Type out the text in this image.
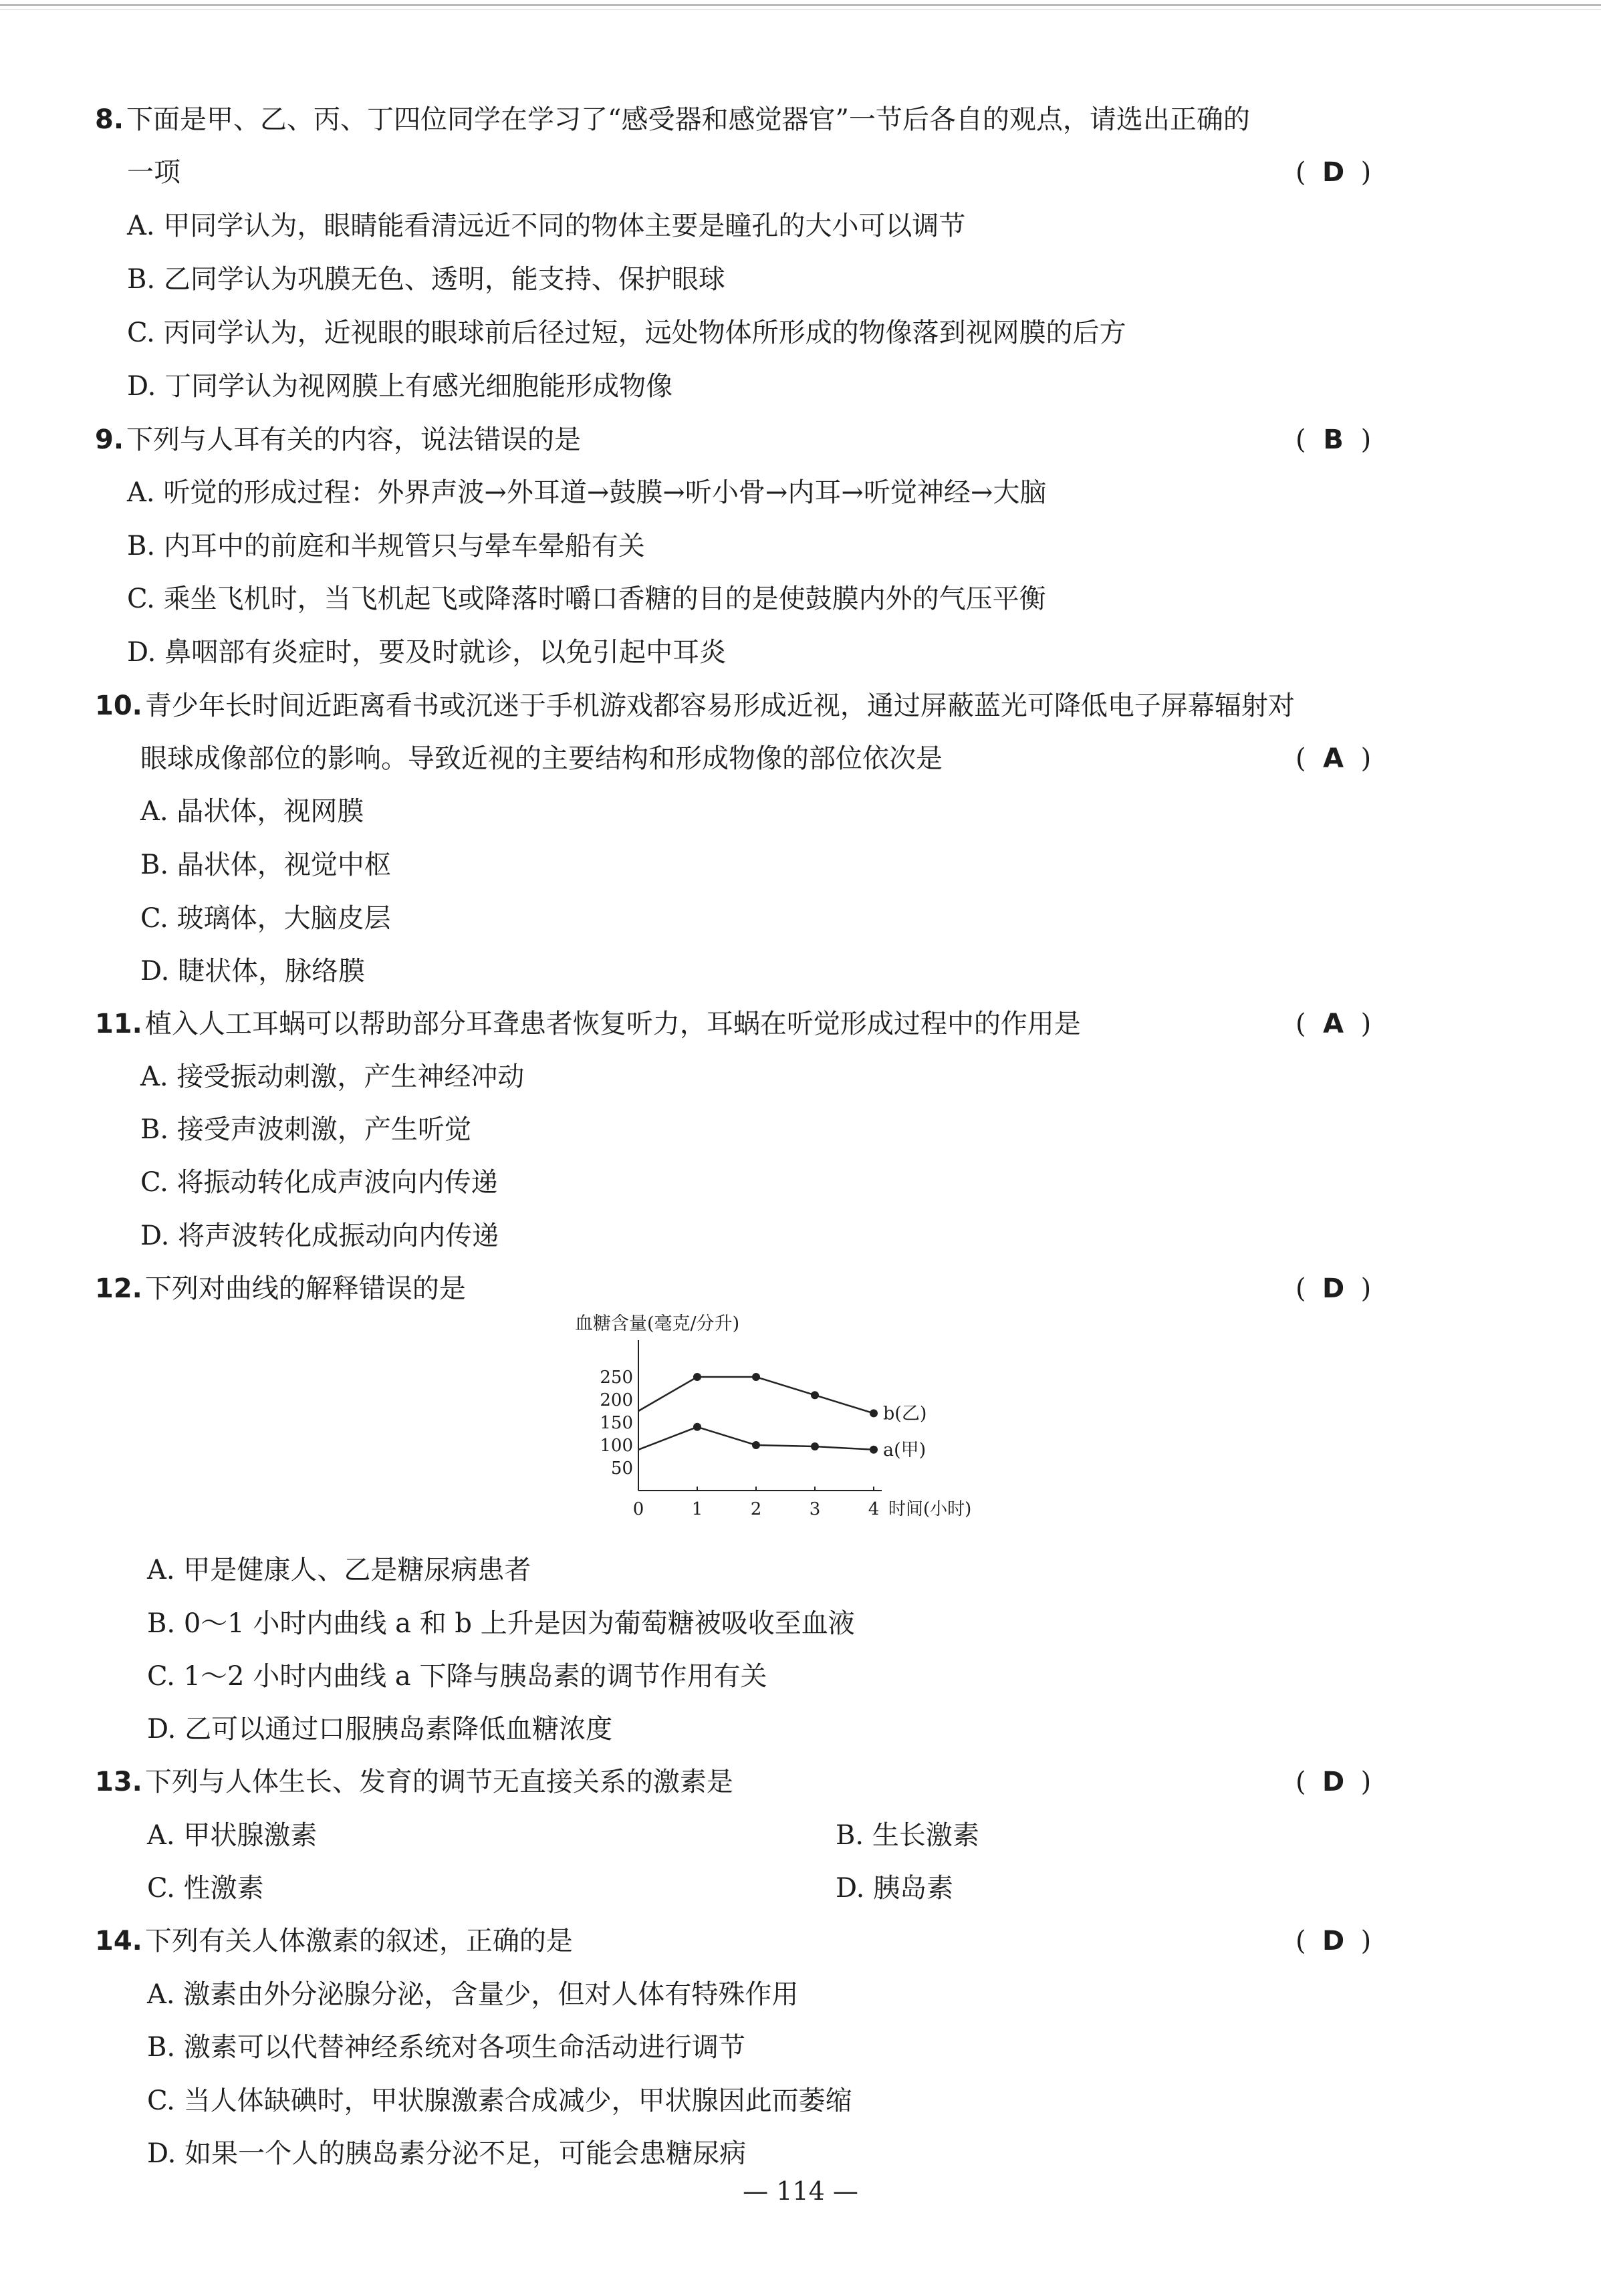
8. 下面是甲、乙、丙、丁四位同学在学习了“感受器和感觉器官”一节后各自的观点，请选出正确的
一项	( D )
A. 甲同学认为，眼睛能看清远近不同的物体主要是瞳孔的大小可以调节
B. 乙同学认为巩膜无色、透明，能支持、保护眼球
C. 丙同学认为，近视眼的眼球前后径过短，远处物体所形成的物像落到视网膜的后方
D. 丁同学认为视网膜上有感光细胞能形成物像
9. 下列与人耳有关的内容，说法错误的是	( B )
A. 听觉的形成过程：外界声波→外耳道→鼓膜→听小骨→内耳→听觉神经→大脑
B. 内耳中的前庭和半规管只与晕车晕船有关
C. 乘坐飞机时，当飞机起飞或降落时嚼口香糖的目的是使鼓膜内外的气压平衡
D. 鼻咽部有炎症时，要及时就诊，以免引起中耳炎
10. 青少年长时间近距离看书或沉迷于手机游戏都容易形成近视，通过屏蔽蓝光可降低电子屏幕辐射对
眼球成像部位的影响。导致近视的主要结构和形成物像的部位依次是	( A )
A. 晶状体，视网膜
B. 晶状体，视觉中枢
C. 玻璃体，大脑皮层
D. 睫状体，脉络膜
11. 植入人工耳蜗可以帮助部分耳聋患者恢复听力，耳蜗在听觉形成过程中的作用是	( A )
A. 接受振动刺激，产生神经冲动
B. 接受声波刺激，产生听觉
C. 将振动转化成声波向内传递
D. 将声波转化成振动向内传递
12. 下列对曲线的解释错误的是	( D )
血糖含量(毫克/分升)
50
100
150
200
250
0	1	2	3	4 时间(小时)
b(乙)
a(甲)
A. 甲是健康人、乙是糖尿病患者
B. 0～1 小时内曲线 a 和 b 上升是因为葡萄糖被吸收至血液
C. 1～2 小时内曲线 a 下降与胰岛素的调节作用有关
D. 乙可以通过口服胰岛素降低血糖浓度
13. 下列与人体生长、发育的调节无直接关系的激素是	( D )
A. 甲状腺激素	B. 生长激素
C. 性激素	D. 胰岛素
14. 下列有关人体激素的叙述，正确的是	( D )
A. 激素由外分泌腺分泌，含量少，但对人体有特殊作用
B. 激素可以代替神经系统对各项生命活动进行调节
C. 当人体缺碘时，甲状腺激素合成减少，甲状腺因此而萎缩
D. 如果一个人的胰岛素分泌不足，可能会患糖尿病
— 114 —
